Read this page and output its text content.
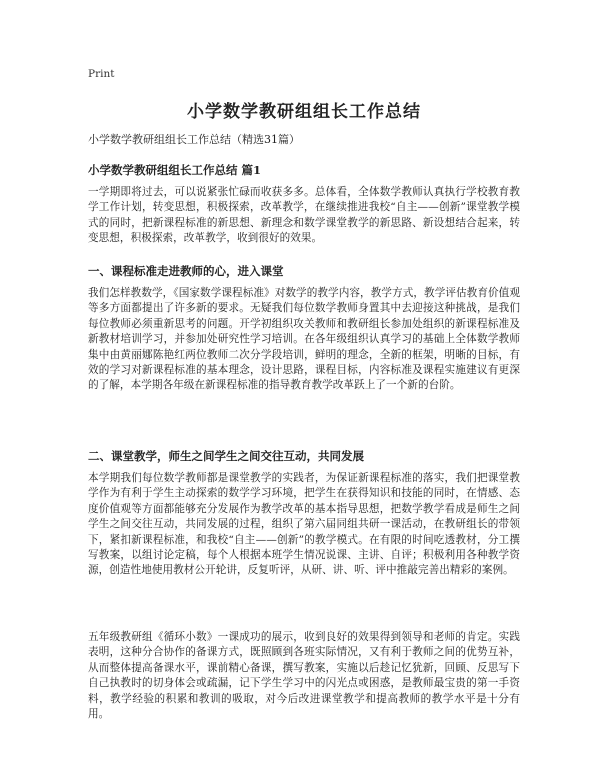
Print
小学数学教研组组长工作总结
小学数学教研组组长工作总结（精选31篇）
小学数学教研组组长工作总结 篇1

一学期即将过去，可以说紧张忙碌而收获多多。总体看，全体数学教师认真执行学校教育教学工作计划，转变思想，积极探索，改革教学，在继续推进我校“自主——创新”课堂教学模式的同时，把新课程标准的新思想、新理念和数学课堂教学的新思路、新设想结合起来，转变思想，积极探索，改革教学，收到很好的效果。

一、课程标准走进教师的心，进入课堂

我们怎样教数学，《国家数学课程标准》对数学的教学内容，教学方式，教学评估教育价值观等多方面都提出了许多新的要求。无疑我们每位数学教师身置其中去迎接这种挑战，是我们每位教师必须重新思考的问题。开学初组织攻关教师和教研组长参加处组织的新课程标准及新教材培训学习，并参加处研究性学习培训。在各年级组织认真学习的基础上全体数学教师集中由黄丽娜陈艳红两位教师二次分学段培训，鲜明的理念，全新的框架，明晰的目标，有效的学习对新课程标准的基本理念，设计思路，课程目标，内容标准及课程实施建议有更深的了解，本学期各年级在新课程标准的指导教育教学改革跃上了一个新的台阶。

二、课堂教学，师生之间学生之间交往互动，共同发展

本学期我们每位数学教师都是课堂教学的实践者，为保证新课程标准的落实，我们把课堂教学作为有利于学生主动探索的数学学习环境，把学生在获得知识和技能的同时，在情感、态度价值观等方面都能够充分发展作为教学改革的基本指导思想，把数学教学看成是师生之间学生之间交往互动，共同发展的过程，组织了第六届同组共研一课活动，在教研组长的带领下，紧扣新课程标准，和我校“自主——创新”的教学模式。在有限的时间吃透教材，分工撰写教案，以组讨论定稿，每个人根据本班学生情况说课、主讲、自评；积极利用各种教学资源，创造性地使用教材公开轮讲，反复听评，从研、讲、听、评中推敲完善出精彩的案例。

五年级教研组《循环小数》一课成功的展示，收到良好的效果得到领导和老师的肯定。实践表明，这种分合协作的备课方式，既照顾到各班实际情况，又有利于教师之间的优势互补，从而整体提高备课水平，课前精心备课，撰写教案，实施以后趁记忆犹新，回顾、反思写下自己执教时的切身体会或疏漏，记下学生学习中的闪光点或困惑，是教师最宝贵的第一手资料，教学经验的积累和教训的吸取，对今后改进课堂教学和提高教师的教学水平是十分有用。
